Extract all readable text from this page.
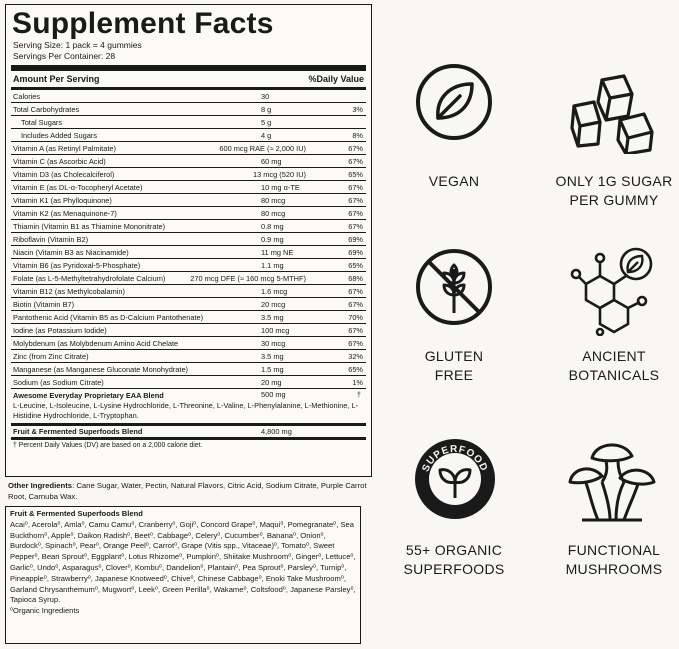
Supplement Facts
Serving Size: 1 pack = 4 gummies
Servings Per Container: 28
Amount Per Serving	%Daily Value
Calories	30
Total Carbohydrates	8 g	3%
Total Sugars	5 g
Includes Added Sugars	4 g	8%
Vitamin A (as Retinyl Palmitate)	600 mcg RAE (≈ 2,000 IU)	67%
Vitamin C (as Ascorbic Acid)	60 mg	67%
Vitamin D3 (as Cholecalciferol)	13 mcg (520 IU)	65%
Vitamin E (as DL-α-Tocopheryl Acetate)	10 mg α-TE	67%
Vitamin K1 (as Phylloquinone)	80 mcg	67%
Vitamin K2 (as Menaquinone-7)	80 mcg	67%
Thiamin (Vitamin B1 as Thiamine Mononitrate)	0.8 mg	67%
Riboflavin (Vitamin B2)	0.9 mg	69%
Niacin (Vitamin B3 as Niacinamide)	11 mg NE	69%
Vitamin B6 (as Pyridoxal-5-Phosphate)	1.1 mg	65%
Folate (as L-5-Methyltetrahydrofolate Calcium)	270 mcg DFE (≈ 160 mcg 5-MTHF)	68%
Vitamin B12 (as Methylcobalamin)	1.6 mcg	67%
Biotin (Vitamin B7)	20 mcg	67%
Pantothenic Acid (Vitamin B5 as D-Calcium Pantothenate)	3.5 mg	70%
Iodine (as Potassium Iodide)	100 mcg	67%
Molybdenum (as Molybdenum Amino Acid Chelate	30 mcg	67%
Zinc (from Zinc Citrate)	3.5 mg	32%
Manganese (as Manganese Gluconate Monohydrate)	1.5 mg	65%
Sodium (as Sodium Citrate)	20 mg	1%
Awesome Everyday Proprietary EAA Blend	500 mg	†
L-Leucine, L-Isoleucine, L-Lysine Hydrochloride, L-Threonine, L-Valine, L-Phenylalanine, L-Methionine, L-Histidine Hydrochloride, L-Tryptophan.
Fruit & Fermented Superfoods Blend	4,800 mg
† Percent Daily Values (DV) are based on a 2,000 calorie diet.
Other Ingredients: Cane Sugar, Water, Pectin, Natural Flavors, Citric Acid, Sodium Citrate, Purple Carrot Root, Carnuba Wax.
Fruit & Fermented Superfoods Blend
Acai⁰, Acerola⁰, Amla⁰, Camu Camu⁰, Cranberry⁰, Goji⁰, Concord Grape⁰, Maqui⁰, Pomegranate⁰, Sea Buckthorn⁰, Apple⁰, Daikon Radish⁰, Beet⁰, Cabbage⁰, Celery⁰, Cucumber⁰, Banana⁰, Onion⁰, Burdock⁰, Spinach⁰, Pear⁰, Orange Peel⁰, Carrot⁰, Grape (Vitis spp., Vitaceae)⁰, Tomato⁰, Sweet Pepper⁰, Bean Sprout⁰, Eggplant⁰, Lotus Rhizome⁰, Pumpkin⁰, Shiitake Mushroom⁰, Ginger⁰, Lettuce⁰, Garlic⁰, Undo⁰, Asparagus⁰, Clover⁰, Kombu⁰, Dandelion⁰, Plantain⁰, Pea Sprout⁰, Parsley⁰, Turnip⁰, Pineapple⁰, Strawberry⁰, Japanese Knotweed⁰, Chive⁰, Chinese Cabbage⁰, Enoki Take Mushroom⁰, Garland Chrysanthemum⁰, Mugwort⁰, Leek⁰, Green Perilla⁰, Wakame⁰, Coltsfood⁰, Japanese Parsley⁰, Tapioca Syrup.
⁰Organic Ingredients
VEGAN	ONLY 1G SUGAR
PER GUMMY
GLUTEN
FREE
ANCIENT
BOTANICALS
SUPERFOOD
55+ ORGANIC
SUPERFOODS
FUNCTIONAL
MUSHROOMS
